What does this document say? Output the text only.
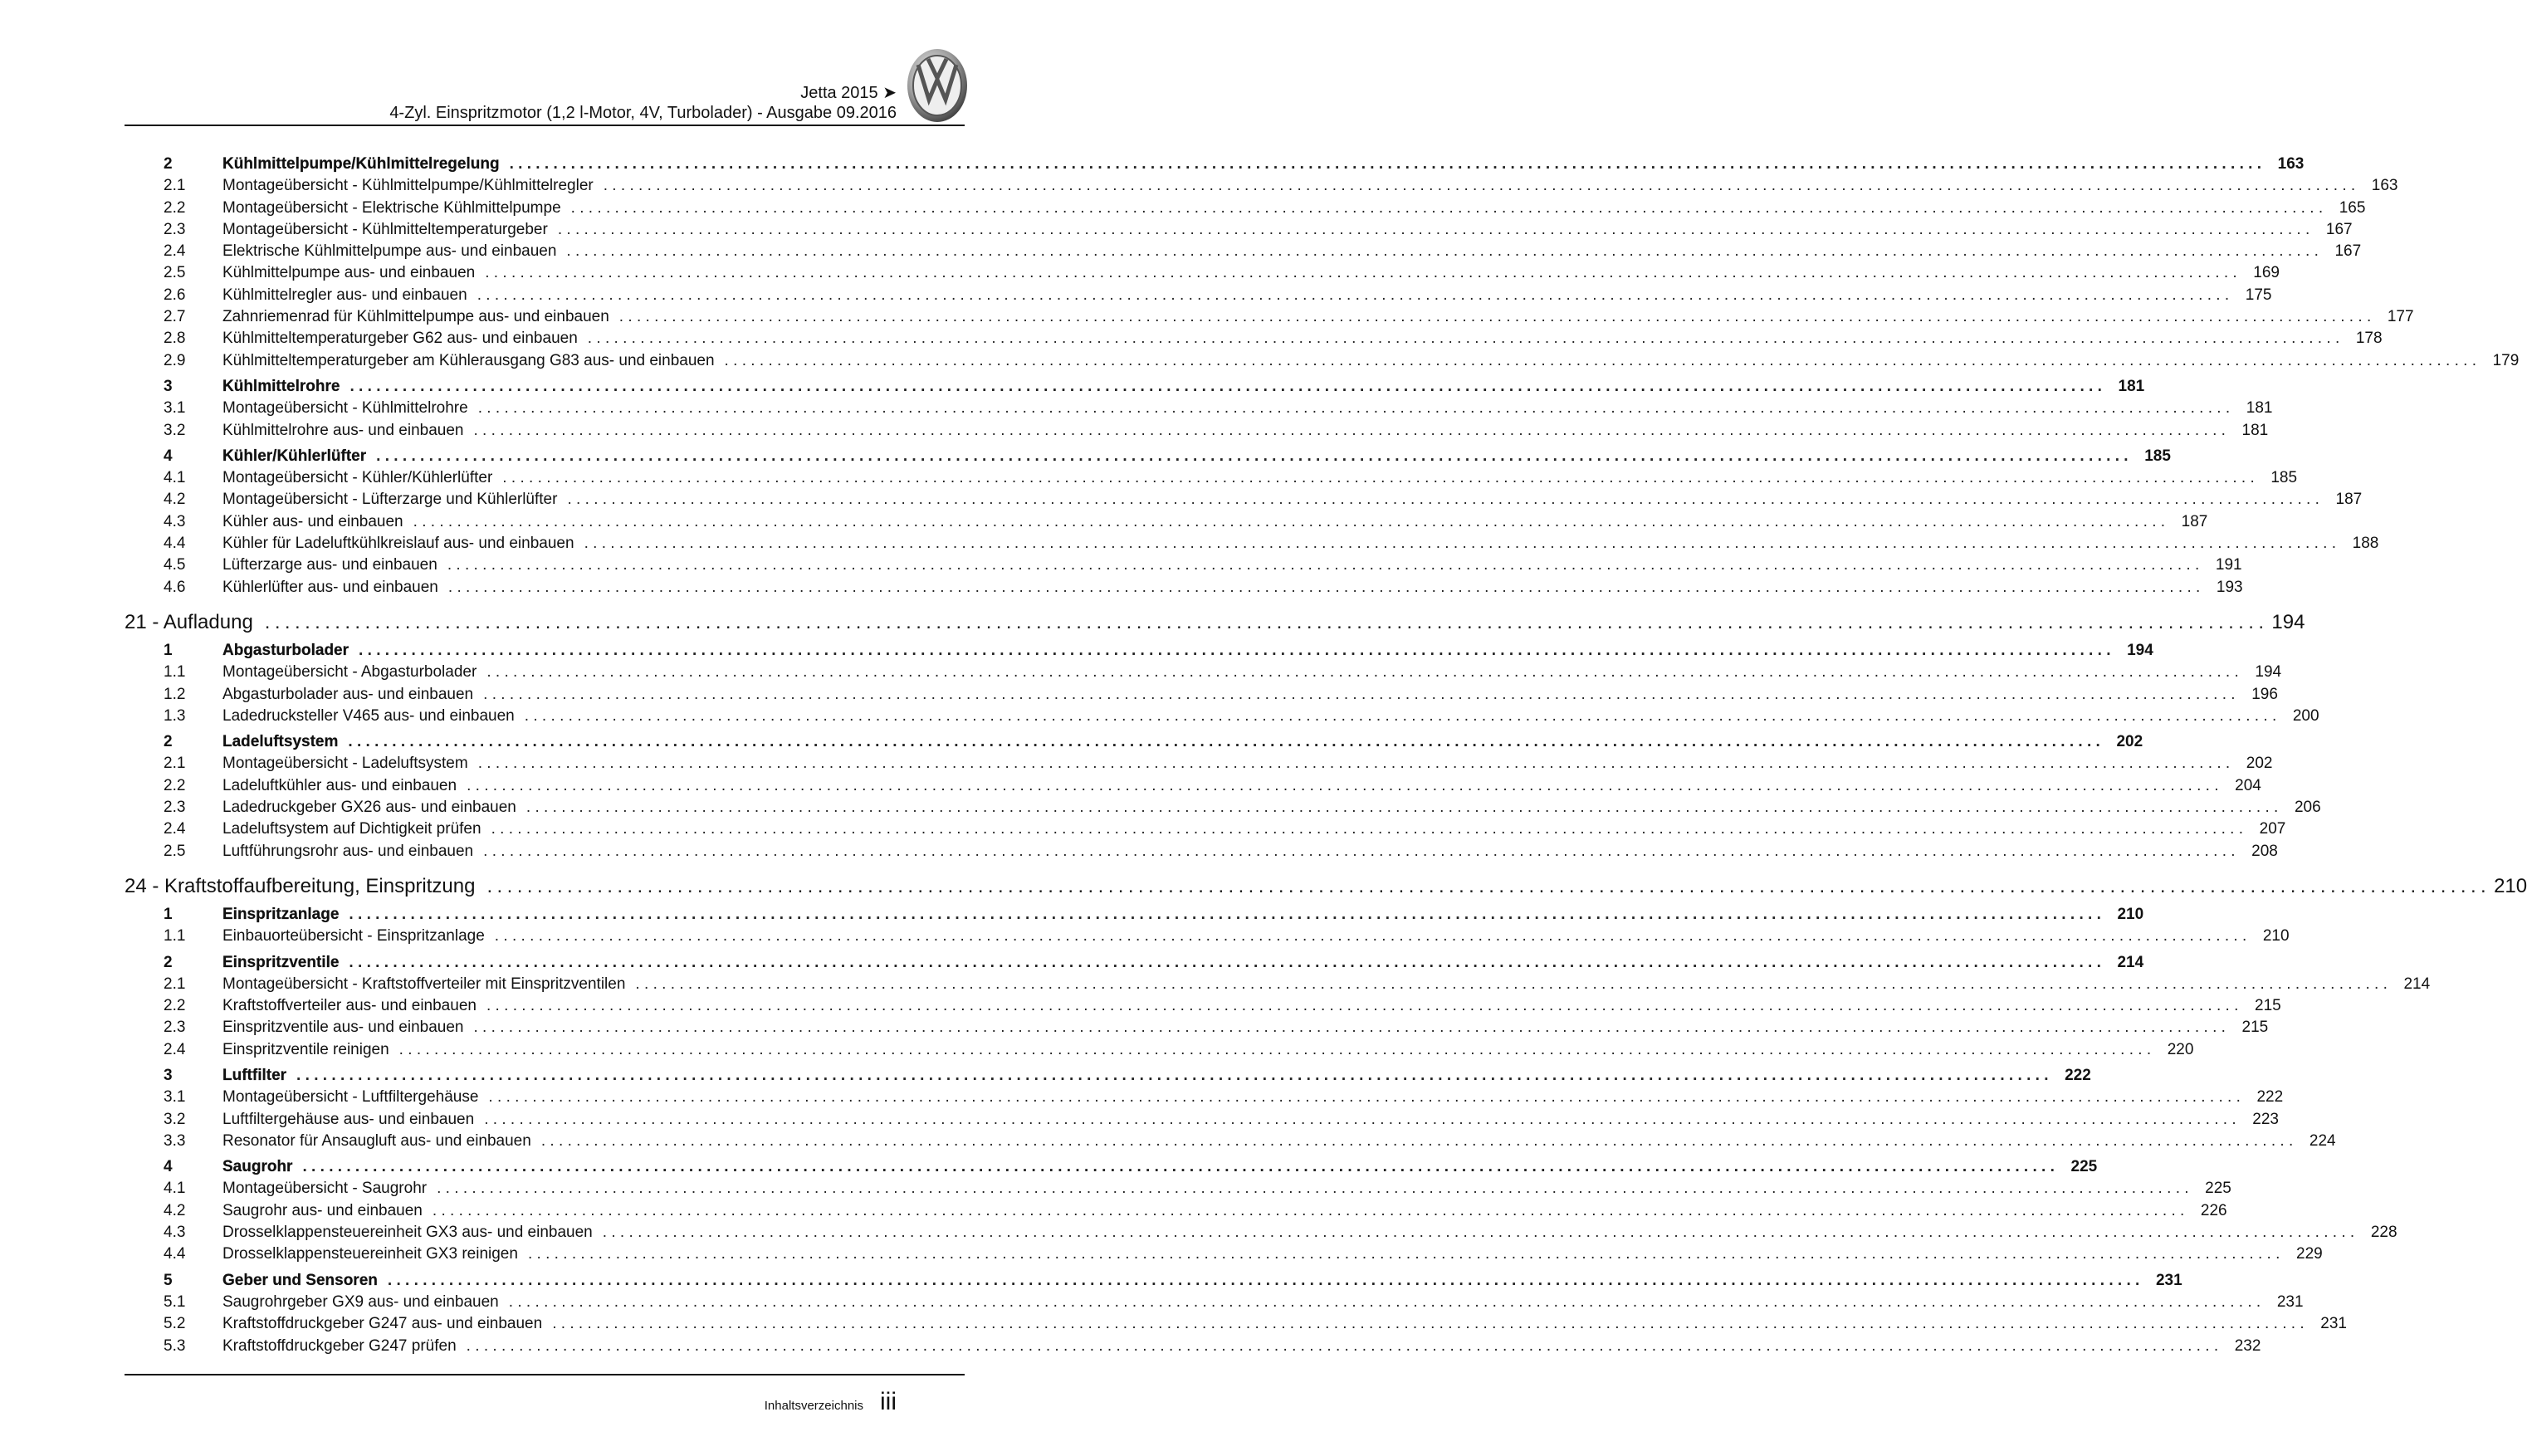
Jetta 2015 ➤
4-Zyl. Einspritzmotor (1,2 l-Motor, 4V, Turbolader) - Ausgabe 09.2016
2	Kühlmittelpumpe/Kühlmittelregelung ........................................................................................................................................................................................................ 163
2.1	Montageübersicht - Kühlmittelpumpe/Kühlmittelregler ........................................................................................................................................................................................................ 163
2.2	Montageübersicht - Elektrische Kühlmittelpumpe ........................................................................................................................................................................................................ 165
2.3	Montageübersicht - Kühlmitteltemperaturgeber ........................................................................................................................................................................................................ 167
2.4	Elektrische Kühlmittelpumpe aus- und einbauen ........................................................................................................................................................................................................ 167
2.5	Kühlmittelpumpe aus- und einbauen ........................................................................................................................................................................................................ 169
2.6	Kühlmittelregler aus- und einbauen ........................................................................................................................................................................................................ 175
2.7	Zahnriemenrad für Kühlmittelpumpe aus- und einbauen ........................................................................................................................................................................................................ 177
2.8	Kühlmitteltemperaturgeber G62 aus- und einbauen ........................................................................................................................................................................................................ 178
2.9	Kühlmitteltemperaturgeber am Kühlerausgang G83 aus- und einbauen ........................................................................................................................................................................................................ 179
3	Kühlmittelrohre ........................................................................................................................................................................................................ 181
3.1	Montageübersicht - Kühlmittelrohre ........................................................................................................................................................................................................ 181
3.2	Kühlmittelrohre aus- und einbauen ........................................................................................................................................................................................................ 181
4	Kühler/Kühlerlüfter ........................................................................................................................................................................................................ 185
4.1	Montageübersicht - Kühler/Kühlerlüfter ........................................................................................................................................................................................................ 185
4.2	Montageübersicht - Lüfterzarge und Kühlerlüfter ........................................................................................................................................................................................................ 187
4.3	Kühler aus- und einbauen ........................................................................................................................................................................................................ 187
4.4	Kühler für Ladeluftkühlkreislauf aus- und einbauen ........................................................................................................................................................................................................ 188
4.5	Lüfterzarge aus- und einbauen ........................................................................................................................................................................................................ 191
4.6	Kühlerlüfter aus- und einbauen ........................................................................................................................................................................................................ 193
21 - Aufladung ........................................................................................................................................................................................................ 194
1	Abgasturbolader ........................................................................................................................................................................................................ 194
1.1	Montageübersicht - Abgasturbolader ........................................................................................................................................................................................................ 194
1.2	Abgasturbolader aus- und einbauen ........................................................................................................................................................................................................ 196
1.3	Ladedrucksteller V465 aus- und einbauen ........................................................................................................................................................................................................ 200
2	Ladeluftsystem ........................................................................................................................................................................................................ 202
2.1	Montageübersicht - Ladeluftsystem ........................................................................................................................................................................................................ 202
2.2	Ladeluftkühler aus- und einbauen ........................................................................................................................................................................................................ 204
2.3	Ladedruckgeber GX26 aus- und einbauen ........................................................................................................................................................................................................ 206
2.4	Ladeluftsystem auf Dichtigkeit prüfen ........................................................................................................................................................................................................ 207
2.5	Luftführungsrohr aus- und einbauen ........................................................................................................................................................................................................ 208
24 - Kraftstoffaufbereitung, Einspritzung ........................................................................................................................................................................................................ 210
1	Einspritzanlage ........................................................................................................................................................................................................ 210
1.1	Einbauorteübersicht - Einspritzanlage ........................................................................................................................................................................................................ 210
2	Einspritzventile ........................................................................................................................................................................................................ 214
2.1	Montageübersicht - Kraftstoffverteiler mit Einspritzventilen ........................................................................................................................................................................................................ 214
2.2	Kraftstoffverteiler aus- und einbauen ........................................................................................................................................................................................................ 215
2.3	Einspritzventile aus- und einbauen ........................................................................................................................................................................................................ 215
2.4	Einspritzventile reinigen ........................................................................................................................................................................................................ 220
3	Luftfilter ........................................................................................................................................................................................................ 222
3.1	Montageübersicht - Luftfiltergehäuse ........................................................................................................................................................................................................ 222
3.2	Luftfiltergehäuse aus- und einbauen ........................................................................................................................................................................................................ 223
3.3	Resonator für Ansaugluft aus- und einbauen ........................................................................................................................................................................................................ 224
4	Saugrohr ........................................................................................................................................................................................................ 225
4.1	Montageübersicht - Saugrohr ........................................................................................................................................................................................................ 225
4.2	Saugrohr aus- und einbauen ........................................................................................................................................................................................................ 226
4.3	Drosselklappensteuereinheit GX3 aus- und einbauen ........................................................................................................................................................................................................ 228
4.4	Drosselklappensteuereinheit GX3 reinigen ........................................................................................................................................................................................................ 229
5	Geber und Sensoren ........................................................................................................................................................................................................ 231
5.1	Saugrohrgeber GX9 aus- und einbauen ........................................................................................................................................................................................................ 231
5.2	Kraftstoffdruckgeber G247 aus- und einbauen ........................................................................................................................................................................................................ 231
5.3	Kraftstoffdruckgeber G247 prüfen ........................................................................................................................................................................................................ 232
Inhaltsverzeichnis iii
